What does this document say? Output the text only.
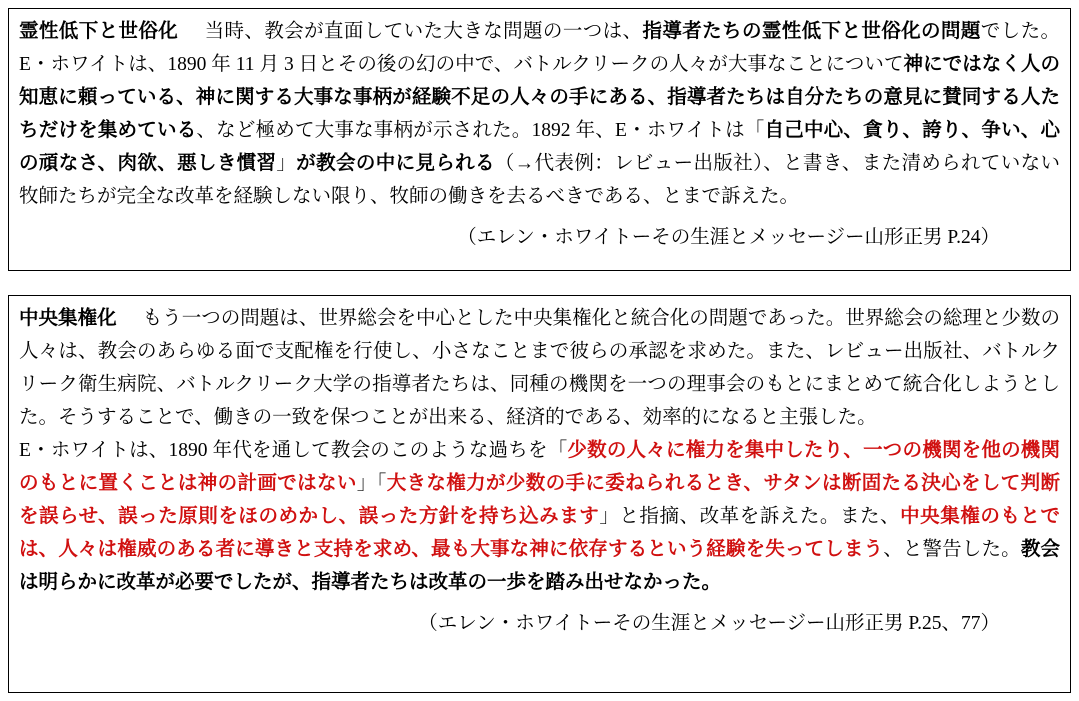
霊性低下と世俗化 当時、教会が直面していた大きな問題の一つは、指導者たちの霊性低下と世俗化の問題でした。E・ホワイトは、1890 年 11 月 3 日とその後の幻の中で、バトルクリークの人々が大事なことについて神にではなく人の知恵に頼っている、神に関する大事な事柄が経験不足の人々の手にある、指導者たちは自分たちの意見に賛同する人たちだけを集めている、など極めて大事な事柄が示された。1892 年、E・ホワイトは「自己中心、貪り、誇り、争い、心の頑なさ、肉欲、悪しき慣習」が教会の中に見られる（→代表例：レビュー出版社）、と書き、また清められていない牧師たちが完全な改革を経験しない限り、牧師の働きを去るべきである、とまで訴えた。

（エレン・ホワイトーその生涯とメッセージー山形正男 P.24）

中央集権化 もう一つの問題は、世界総会を中心とした中央集権化と統合化の問題であった。世界総会の総理と少数の人々は、教会のあらゆる面で支配権を行使し、小さなことまで彼らの承認を求めた。また、レビュー出版社、バトルクリーク衛生病院、バトルクリーク大学の指導者たちは、同種の機関を一つの理事会のもとにまとめて統合化しようとした。そうすることで、働きの一致を保つことが出来る、経済的である、効率的になると主張した。

E・ホワイトは、1890 年代を通して教会のこのような過ちを「少数の人々に権力を集中したり、一つの機関を他の機関のもとに置くことは神の計画ではない」「大きな権力が少数の手に委ねられるとき、サタンは断固たる決心をして判断を誤らせ、誤った原則をほのめかし、誤った方針を持ち込みます」と指摘、改革を訴えた。また、中央集権のもとでは、人々は権威のある者に導きと支持を求め、最も大事な神に依存するという経験を失ってしまう、と警告した。教会は明らかに改革が必要でしたが、指導者たちは改革の一歩を踏み出せなかった。

（エレン・ホワイトーその生涯とメッセージー山形正男 P.25、77）
